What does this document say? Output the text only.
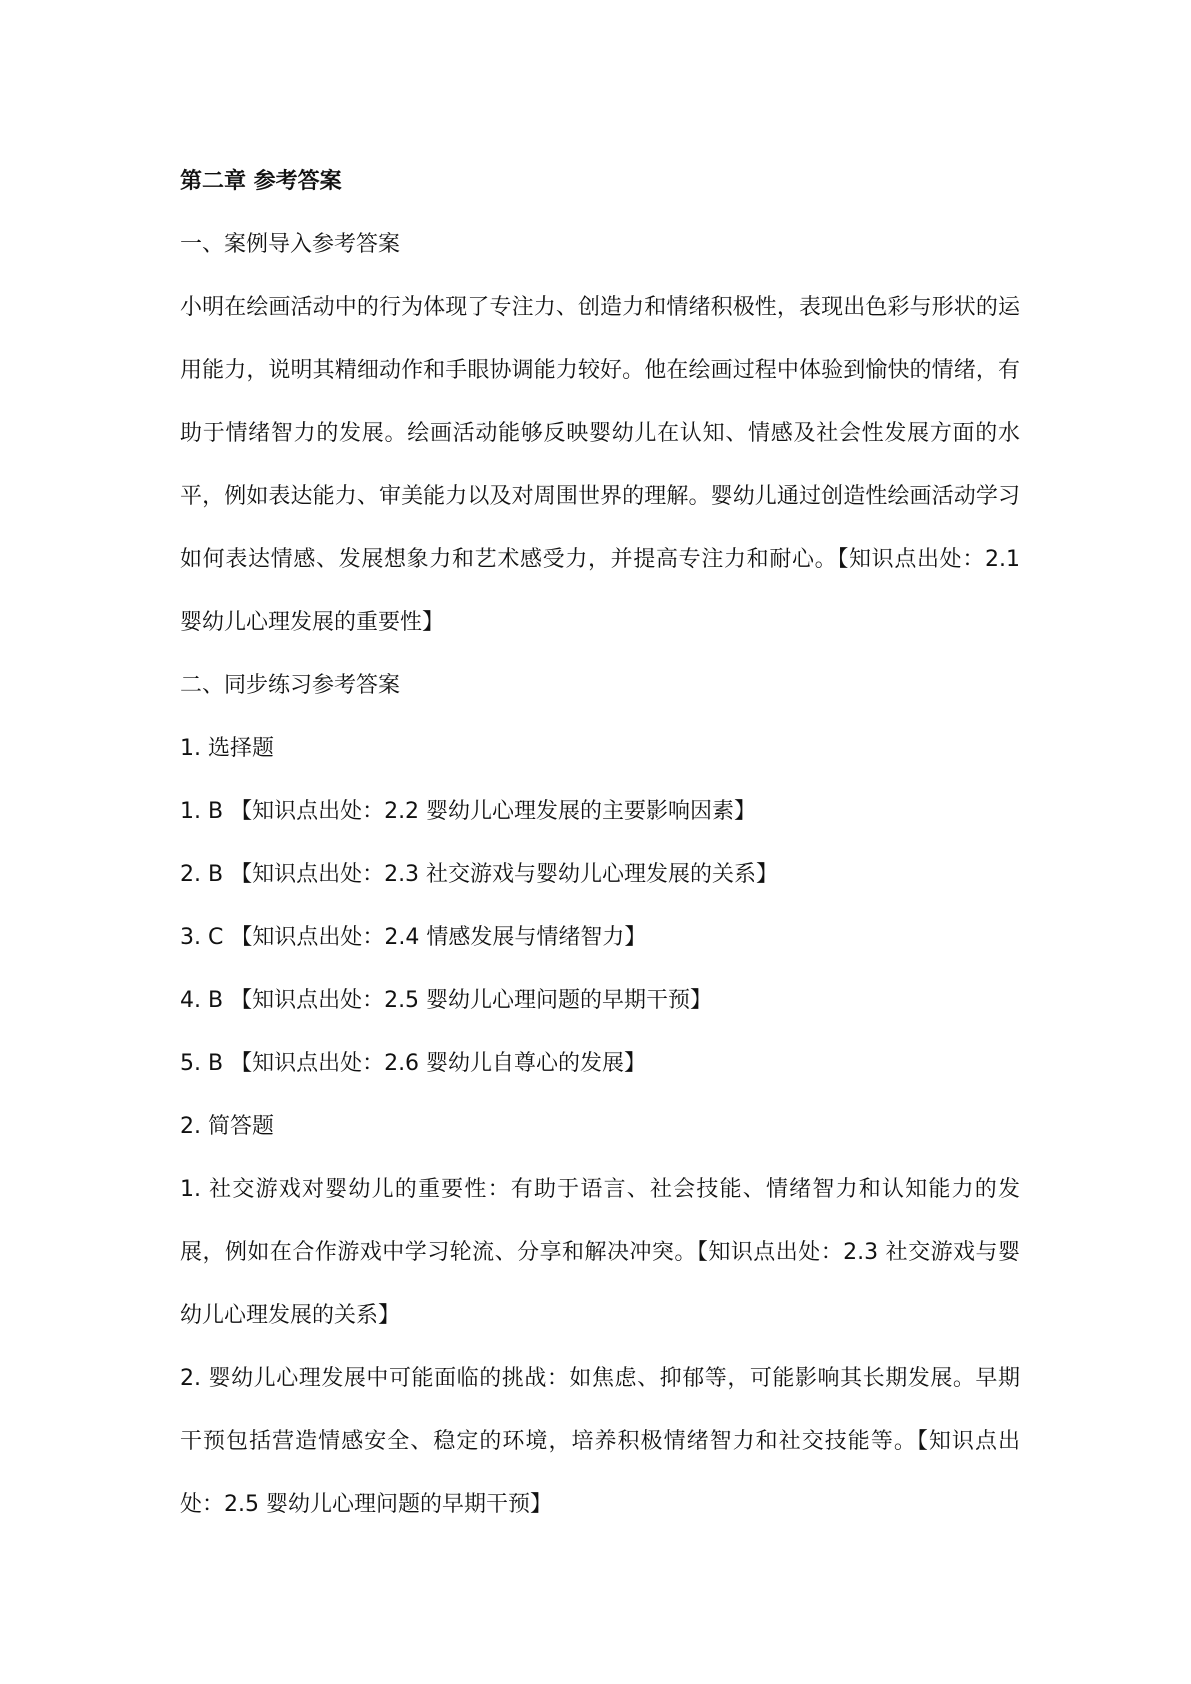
第二章 参考答案

一、案例导入参考答案

小明在绘画活动中的行为体现了专注力、创造力和情绪积极性，表现出色彩与形状的运用能力，说明其精细动作和手眼协调能力较好。他在绘画过程中体验到愉快的情绪，有助于情绪智力的发展。绘画活动能够反映婴幼儿在认知、情感及社会性发展方面的水平，例如表达能力、审美能力以及对周围世界的理解。婴幼儿通过创造性绘画活动学习如何表达情感、发展想象力和艺术感受力，并提高专注力和耐心。【知识点出处：2.1 婴幼儿心理发展的重要性】

二、同步练习参考答案

1. 选择题

1. B 【知识点出处：2.2 婴幼儿心理发展的主要影响因素】

2. B 【知识点出处：2.3 社交游戏与婴幼儿心理发展的关系】

3. C 【知识点出处：2.4 情感发展与情绪智力】

4. B 【知识点出处：2.5 婴幼儿心理问题的早期干预】

5. B 【知识点出处：2.6 婴幼儿自尊心的发展】

2. 简答题

1. 社交游戏对婴幼儿的重要性：有助于语言、社会技能、情绪智力和认知能力的发展，例如在合作游戏中学习轮流、分享和解决冲突。【知识点出处：2.3 社交游戏与婴幼儿心理发展的关系】

2. 婴幼儿心理发展中可能面临的挑战：如焦虑、抑郁等，可能影响其长期发展。早期干预包括营造情感安全、稳定的环境，培养积极情绪智力和社交技能等。【知识点出处：2.5 婴幼儿心理问题的早期干预】
